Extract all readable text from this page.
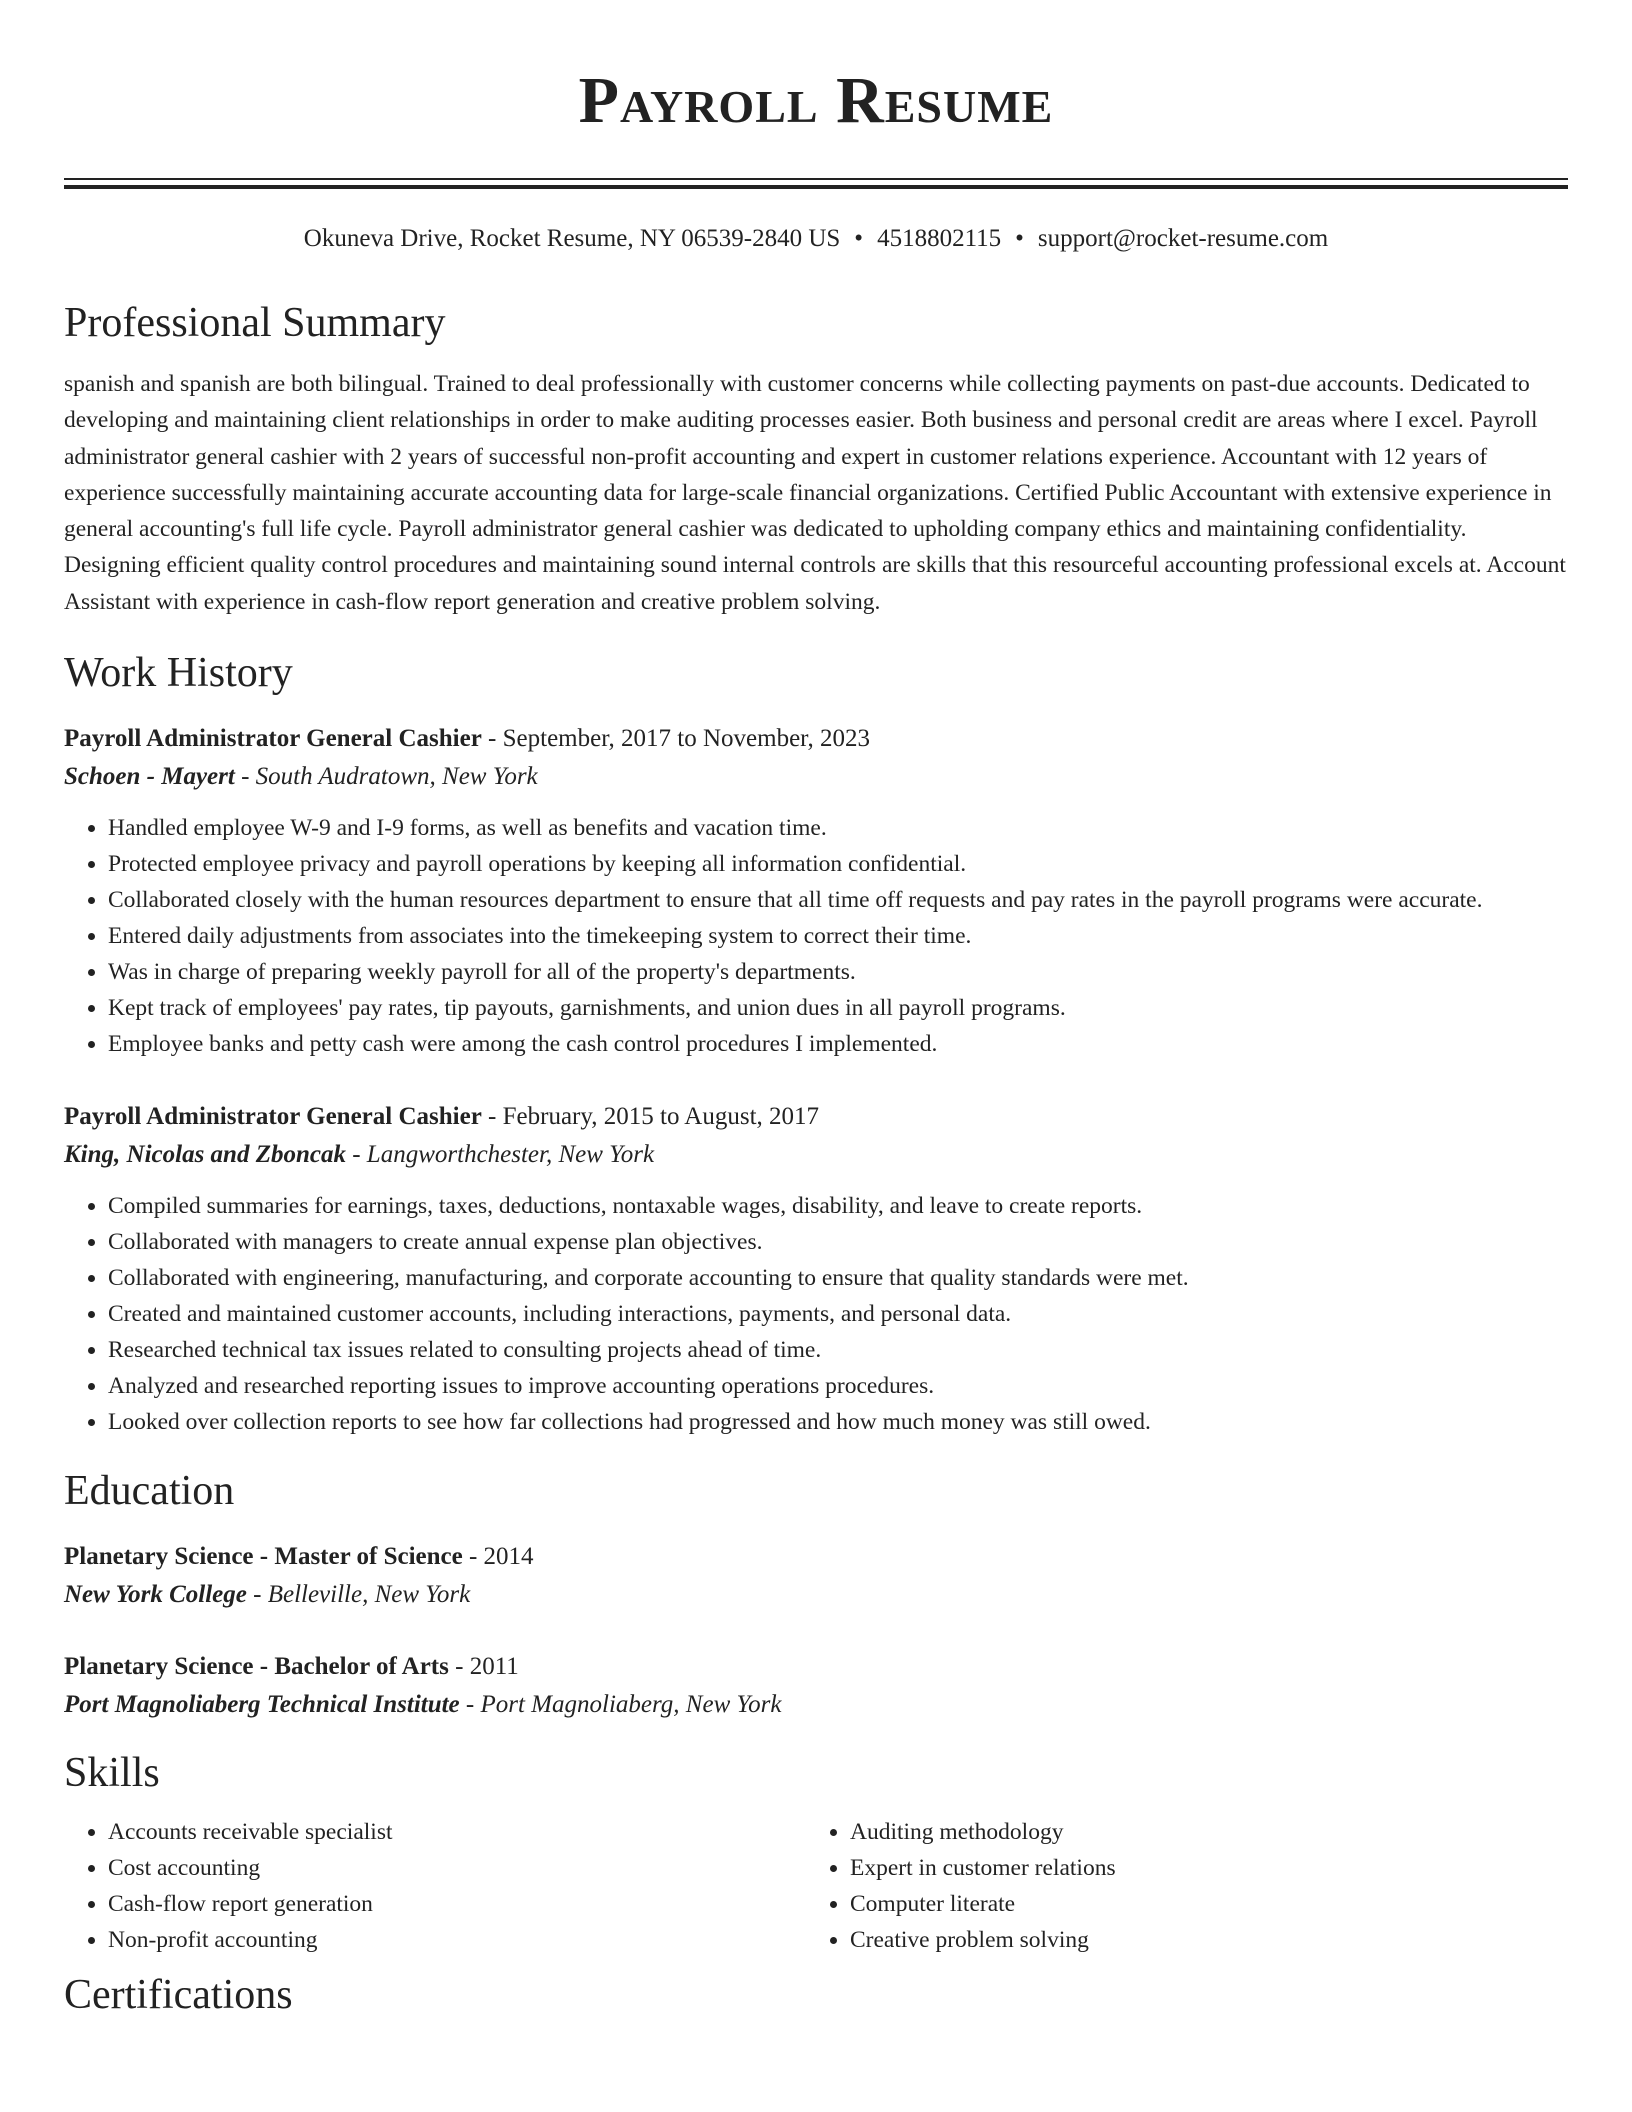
Payroll Resume
Okuneva Drive, Rocket Resume, NY 06539-2840 US • 4518802115 • support@rocket-resume.com
Professional Summary

spanish and spanish are both bilingual. Trained to deal professionally with customer concerns while collecting payments on past-due accounts. Dedicated to developing and maintaining client relationships in order to make auditing processes easier. Both business and personal credit are areas where I excel. Payroll administrator general cashier with 2 years of successful non-profit accounting and expert in customer relations experience. Accountant with 12 years of experience successfully maintaining accurate accounting data for large-scale financial organizations. Certified Public Accountant with extensive experience in general accounting's full life cycle. Payroll administrator general cashier was dedicated to upholding company ethics and maintaining confidentiality. Designing efficient quality control procedures and maintaining sound internal controls are skills that this resourceful accounting professional excels at. Account Assistant with experience in cash-flow report generation and creative problem solving.

Work History
Payroll Administrator General Cashier - September, 2017 to November, 2023
Schoen - Mayert - South Audratown, New York
• Handled employee W-9 and I-9 forms, as well as benefits and vacation time.
• Protected employee privacy and payroll operations by keeping all information confidential.
• Collaborated closely with the human resources department to ensure that all time off requests and pay rates in the payroll programs were accurate.
• Entered daily adjustments from associates into the timekeeping system to correct their time.
• Was in charge of preparing weekly payroll for all of the property's departments.
• Kept track of employees' pay rates, tip payouts, garnishments, and union dues in all payroll programs.
• Employee banks and petty cash were among the cash control procedures I implemented.
Payroll Administrator General Cashier - February, 2015 to August, 2017
King, Nicolas and Zboncak - Langworthchester, New York
• Compiled summaries for earnings, taxes, deductions, nontaxable wages, disability, and leave to create reports.
• Collaborated with managers to create annual expense plan objectives.
• Collaborated with engineering, manufacturing, and corporate accounting to ensure that quality standards were met.
• Created and maintained customer accounts, including interactions, payments, and personal data.
• Researched technical tax issues related to consulting projects ahead of time.
• Analyzed and researched reporting issues to improve accounting operations procedures.
• Looked over collection reports to see how far collections had progressed and how much money was still owed.
Education
Planetary Science - Master of Science - 2014
New York College - Belleville, New York
Planetary Science - Bachelor of Arts - 2011
Port Magnoliaberg Technical Institute - Port Magnoliaberg, New York
Skills
• Accounts receivable specialist
• Cost accounting
• Cash-flow report generation
• Non-profit accounting
• Auditing methodology
• Expert in customer relations
• Computer literate
• Creative problem solving
Certifications
